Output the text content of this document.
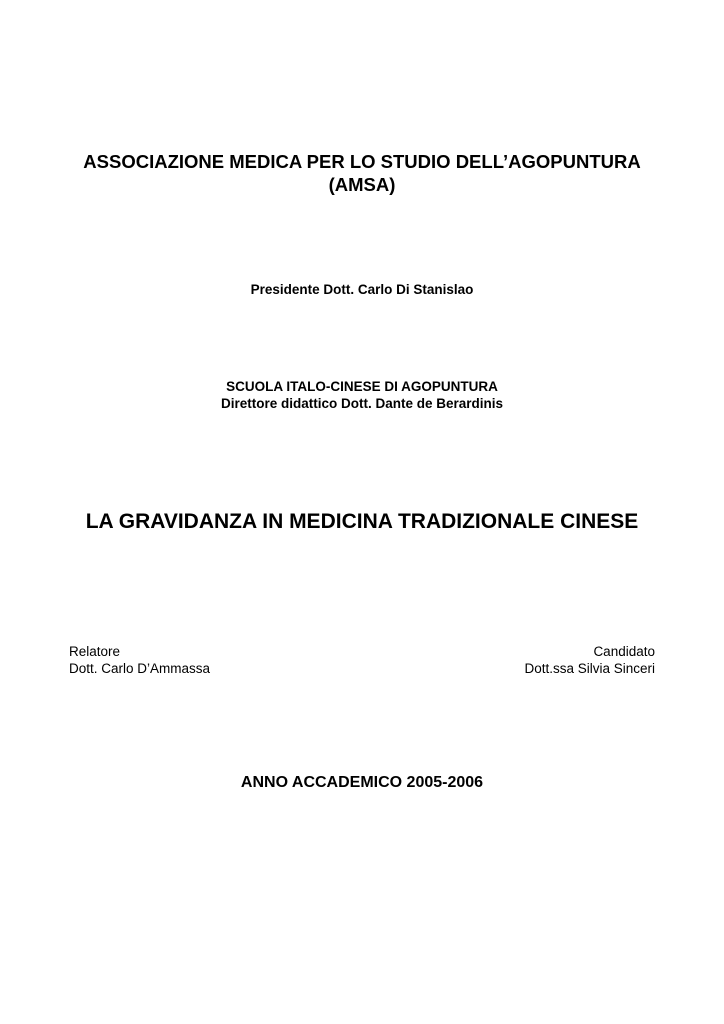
ASSOCIAZIONE MEDICA PER LO STUDIO DELL’AGOPUNTURA
(AMSA)
Presidente Dott. Carlo Di Stanislao
SCUOLA ITALO-CINESE DI AGOPUNTURA
Direttore didattico Dott. Dante de Berardinis
LA GRAVIDANZA IN MEDICINA TRADIZIONALE CINESE
Relatore
Dott. Carlo D’Ammassa
Candidato
Dott.ssa Silvia Sinceri
ANNO ACCADEMICO 2005-2006
